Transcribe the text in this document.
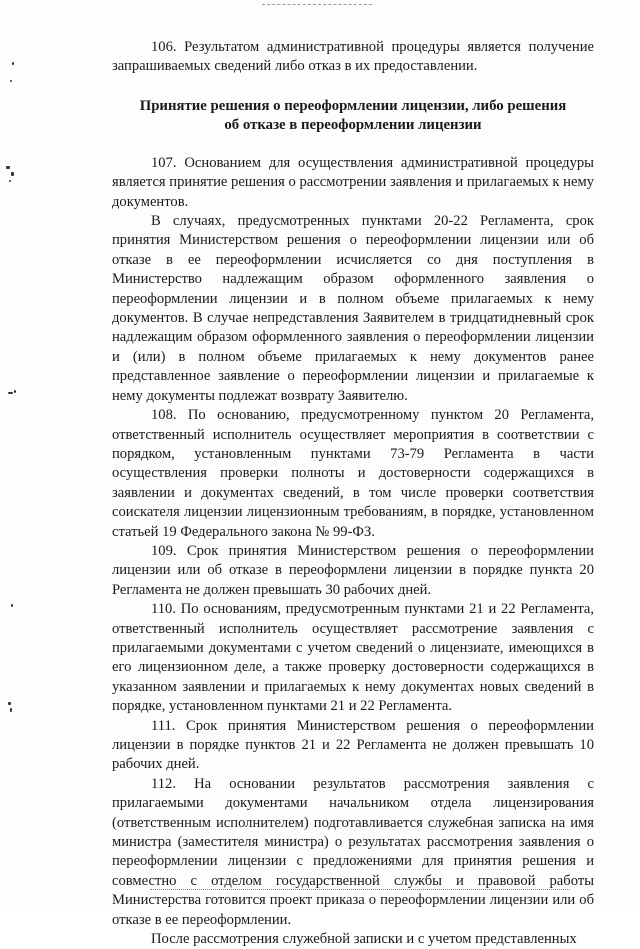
106. Результатом административной процедуры является получение запрашиваемых сведений либо отказ в их предоставлении.

Принятие решения о переоформлении лицензии, либо решения
об отказе в переоформлении лицензии

107. Основанием для осуществления административной процедуры является принятие решения о рассмотрении заявления и прилагаемых к нему документов.

В случаях, предусмотренных пунктами 20-22 Регламента, срок принятия Министерством решения о переоформлении лицензии или об отказе в ее переоформлении исчисляется со дня поступления в Министерство надлежащим образом оформленного заявления о переоформлении лицензии и в полном объеме прилагаемых к нему документов. В случае непредставления Заявителем в тридцатидневный срок надлежащим образом оформленного заявления о переоформлении лицензии и (или) в полном объеме прилагаемых к нему документов ранее представленное заявление о переоформлении лицензии и прилагаемые к нему документы подлежат возврату Заявителю.

108. По основанию, предусмотренному пунктом 20 Регламента, ответственный исполнитель осуществляет мероприятия в соответствии с порядком, установленным пунктами 73-79 Регламента в части осуществления проверки полноты и достоверности содержащихся в заявлении и документах сведений, в том числе проверки соответствия соискателя лицензии лицензионным требованиям, в порядке, установленном статьей 19 Федерального закона № 99-ФЗ.

109. Срок принятия Министерством решения о переоформлении лицензии или об отказе в переоформлени лицензии в порядке пункта 20 Регламента не должен превышать 30 рабочих дней.

110. По основаниям, предусмотренным пунктами 21 и 22 Регламента, ответственный исполнитель осуществляет рассмотрение заявления с прилагаемыми документами с учетом сведений о лицензиате, имеющихся в его лицензионном деле, а также проверку достоверности содержащихся в указанном заявлении и прилагаемых к нему документах новых сведений в порядке, установленном пунктами 21 и 22 Регламента.

111. Срок принятия Министерством решения о переоформлении лицензии в порядке пунктов 21 и 22 Регламента не должен превышать 10 рабочих дней.

112. На основании результатов рассмотрения заявления с прилагаемыми документами начальником отдела лицензирования (ответственным исполнителем) подготавливается служебная записка на имя министра (заместителя министра) о результатах рассмотрения заявления о переоформлении лицензии с предложениями для принятия решения и совместно с отделом государственной службы и правовой работы Министерства готовится проект приказа о переоформлении лицензии или об отказе в ее переоформлении.

После рассмотрения служебной записки и с учетом представленных
